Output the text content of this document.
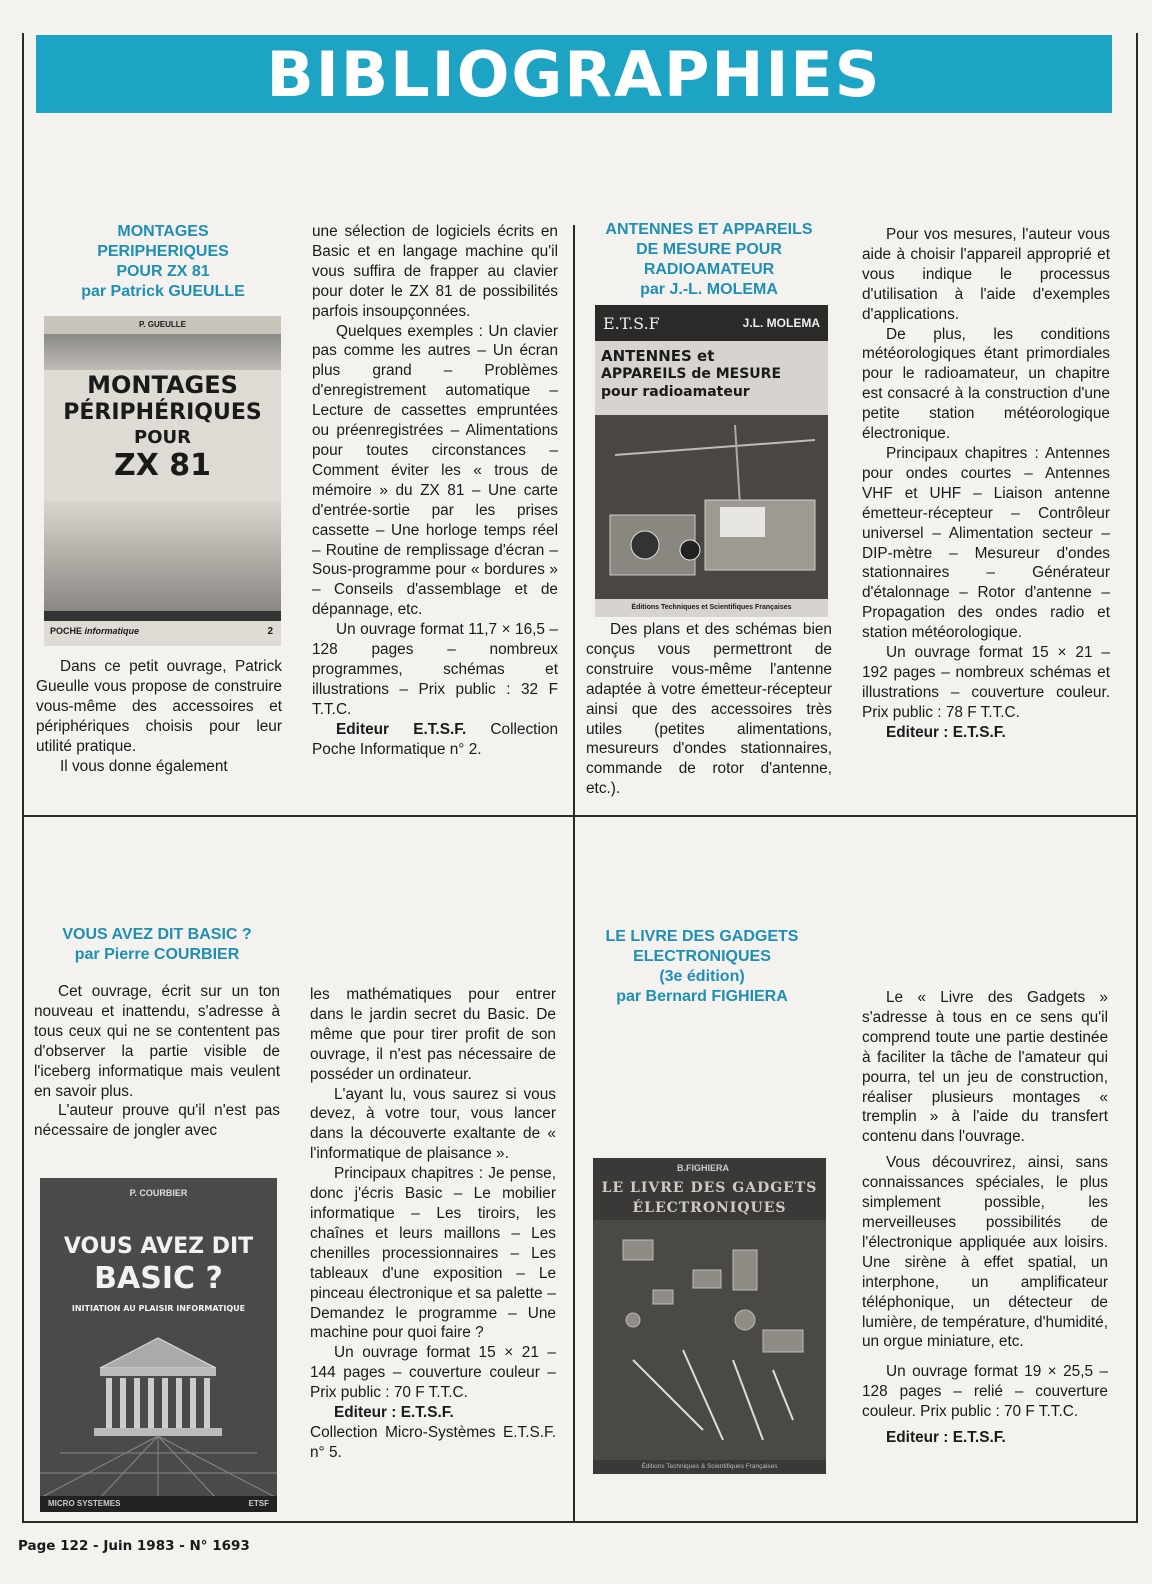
BIBLIOGRAPHIES
MONTAGES
PERIPHERIQUES
POUR ZX 81
par Patrick GUEULLE
P. GUEULLE
MONTAGES
PÉRIPHÉRIQUES
POUR
ZX 81
POCHE informatique	2

Dans ce petit ouvrage, Patrick Gueulle vous propose de construire vous-même des accessoires et périphériques choisis pour leur utilité pratique.

Il vous donne également

une sélection de logiciels écrits en Basic et en langage machine qu'il vous suffira de frapper au clavier pour doter le ZX 81 de possibilités parfois insoupçonnées.

Quelques exemples : Un clavier pas comme les autres – Un écran plus grand – Problèmes d'enregistrement automatique – Lecture de cassettes empruntées ou préenregistrées – Alimentations pour toutes circonstances – Comment éviter les « trous de mémoire » du ZX 81 – Une carte d'entrée-sortie par les prises cassette – Une horloge temps réel – Routine de remplissage d'écran – Sous-programme pour « bordures » – Conseils d'assemblage et de dépannage, etc.

Un ouvrage format 11,7 × 16,5 – 128 pages – nombreux programmes, schémas et illustrations – Prix public : 32 F T.T.C.

Editeur E.T.S.F. Collection Poche Informatique n° 2.

ANTENNES ET APPAREILS
DE MESURE POUR
RADIOAMATEUR
par J.-L. MOLEMA
E.T.S.F	J.L. MOLEMA
ANTENNES et
APPAREILS de MESURE
pour radioamateur
Éditions Techniques et Scientifiques Françaises

Des plans et des schémas bien conçus vous permettront de construire vous-même l'antenne adaptée à votre émetteur-récepteur ainsi que des accessoires très utiles (petites alimentations, mesureurs d'ondes stationnaires, commande de rotor d'antenne, etc.).

Pour vos mesures, l'auteur vous aide à choisir l'appareil approprié et vous indique le processus d'utilisation à l'aide d'exemples d'applications.

De plus, les conditions météorologiques étant primordiales pour le radioamateur, un chapitre est consacré à la construction d'une petite station météorologique électronique.

Principaux chapitres : Antennes pour ondes courtes – Antennes VHF et UHF – Liaison antenne émetteur-récepteur – Contrôleur universel – Alimentation secteur – DIP-mètre – Mesureur d'ondes stationnaires – Générateur d'étalonnage – Rotor d'antenne – Propagation des ondes radio et station météorologique.

Un ouvrage format 15 × 21 – 192 pages – nombreux schémas et illustrations – couverture couleur. Prix public : 78 F T.T.C.

Editeur : E.T.S.F.

VOUS AVEZ DIT BASIC ?
par Pierre COURBIER

Cet ouvrage, écrit sur un ton nouveau et inattendu, s'adresse à tous ceux qui ne se contentent pas d'observer la partie visible de l'iceberg informatique mais veulent en savoir plus.

L'auteur prouve qu'il n'est pas nécessaire de jongler avec

P. COURBIER
VOUS AVEZ DIT
BASIC ?
INITIATION AU PLAISIR INFORMATIQUE
MICRO SYSTEMES	ETSF

les mathématiques pour entrer dans le jardin secret du Basic. De même que pour tirer profit de son ouvrage, il n'est pas nécessaire de posséder un ordinateur.

L'ayant lu, vous saurez si vous devez, à votre tour, vous lancer dans la découverte exaltante de « l'informatique de plaisance ».

Principaux chapitres : Je pense, donc j'écris Basic – Le mobilier informatique – Les tiroirs, les chaînes et leurs maillons – Les chenilles processionnaires – Les tableaux d'une exposition – Le pinceau électronique et sa palette – Demandez le programme – Une machine pour quoi faire ?

Un ouvrage format 15 × 21 – 144 pages – couverture couleur – Prix public : 70 F T.T.C.

Editeur : E.T.S.F.

Collection Micro-Systèmes E.T.S.F. n° 5.

LE LIVRE DES GADGETS
ELECTRONIQUES
(3e édition)
par Bernard FIGHIERA
B.FIGHIERA
LE LIVRE DES GADGETS
ÉLECTRONIQUES
Éditions Techniques & Scientifiques Françaises

Le « Livre des Gadgets » s'adresse à tous en ce sens qu'il comprend toute une partie destinée à faciliter la tâche de l'amateur qui pourra, tel un jeu de construction, réaliser plusieurs montages « tremplin » à l'aide du transfert contenu dans l'ouvrage.

Vous découvrirez, ainsi, sans connaissances spéciales, le plus simplement possible, les merveilleuses possibilités de l'électronique appliquée aux loisirs. Une sirène à effet spatial, un interphone, un amplificateur téléphonique, un détecteur de lumière, de température, d'humidité, un orgue miniature, etc.

Un ouvrage format 19 × 25,5 – 128 pages – relié – couverture couleur. Prix public : 70 F T.T.C.

Editeur : E.T.S.F.

Page 122 - Juin 1983 - N° 1693
